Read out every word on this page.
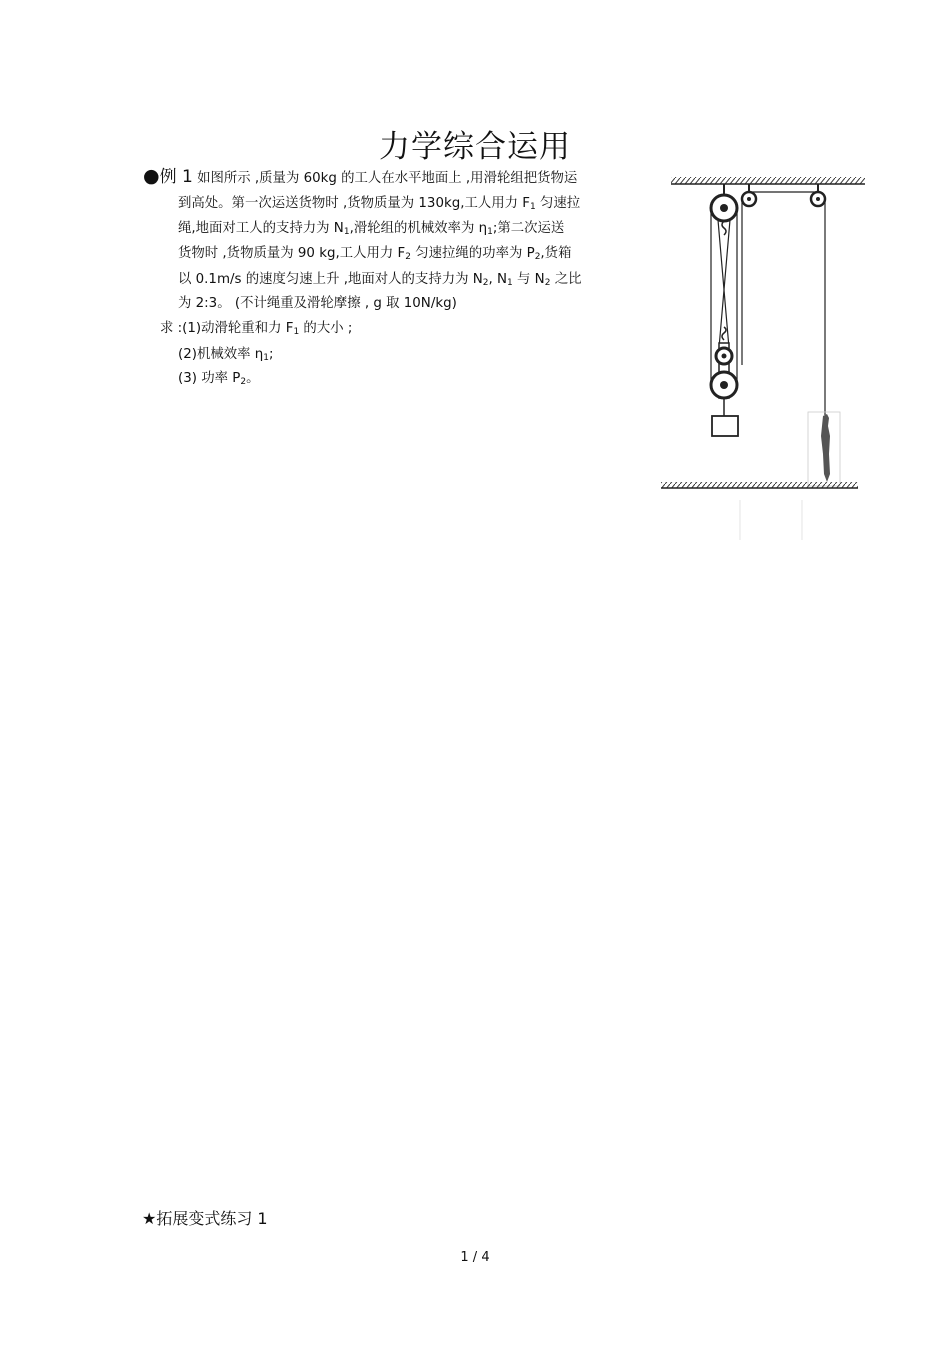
力学综合运用
●例 1 如图所示 ,质量为 60kg 的工人在水平地面上 ,用滑轮组把货物运
到高处。第一次运送货物时 ,货物质量为 130kg,工人用力 $F_1$ 匀速拉
绳,地面对工人的支持力为 $N_1$,滑轮组的机械效率为 $\eta_1$;第二次运送
货物时 ,货物质量为 90 kg,工人用力 $F_2$ 匀速拉绳的功率为 $P_2$,货箱
以 0.1m/s 的速度匀速上升 ,地面对人的支持力为 $N_2$, $N_1$ 与 $N_2$ 之比
为 2:3。 (不计绳重及滑轮摩擦 , g 取 10N/kg)
求 :(1)动滑轮重和力 $F_1$ 的大小 ;
(2)机械效率 $\eta_1$;
(3) 功率 $P_2$。
★拓展变式练习 1
1 / 4
